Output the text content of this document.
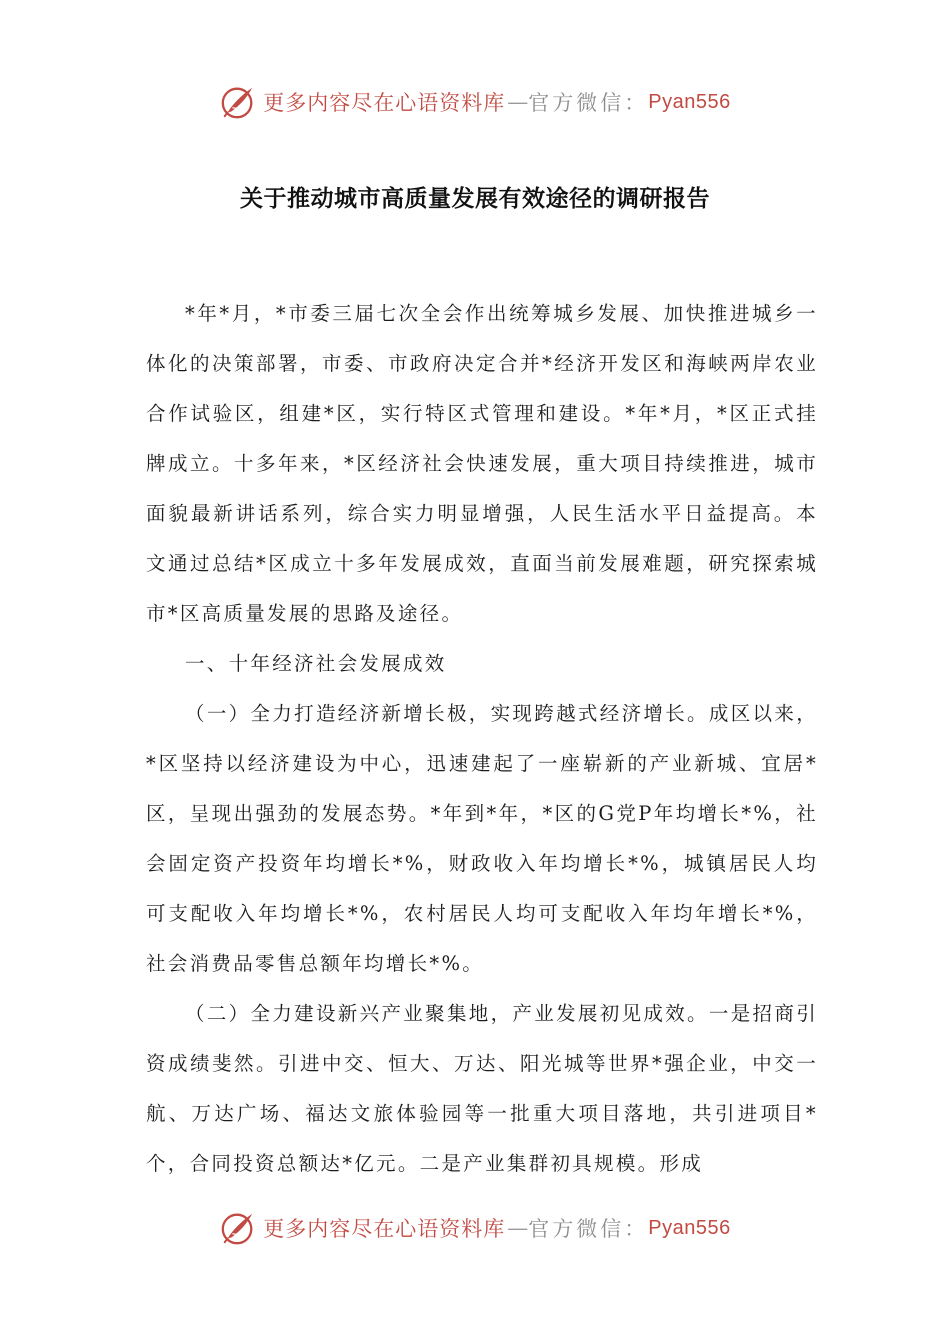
更多内容尽在心语资料库 — 官方微信： Pyan556
关于推动城市高质量发展有效途径的调研报告

*年*月，*市委三届七次全会作出统筹城乡发展、加快推进城乡一体化的决策部署，市委、市政府决定合并*经济开发区和海峡两岸农业合作试验区，组建*区，实行特区式管理和建设。*年*月，*区正式挂牌成立。十多年来，*区经济社会快速发展，重大项目持续推进，城市面貌最新讲话系列，综合实力明显增强，人民生活水平日益提高。本文通过总结*区成立十多年发展成效，直面当前发展难题，研究探索城市*区高质量发展的思路及途径。

一、十年经济社会发展成效

（一）全力打造经济新增长极，实现跨越式经济增长。成区以来，*区坚持以经济建设为中心，迅速建起了一座崭新的产业新城、宜居*区，呈现出强劲的发展态势。*年到*年，*区的G党P年均增长*%，社会固定资产投资年均增长*%，财政收入年均增长*%，城镇居民人均可支配收入年均增长*%，农村居民人均可支配收入年均年增长*%，社会消费品零售总额年均增长*%。

（二）全力建设新兴产业聚集地，产业发展初见成效。一是招商引资成绩斐然。引进中交、恒大、万达、阳光城等世界*强企业，中交一航、万达广场、福达文旅体验园等一批重大项目落地，共引进项目*个，合同投资总额达*亿元。二是产业集群初具规模。形成

更多内容尽在心语资料库 — 官方微信： Pyan556
